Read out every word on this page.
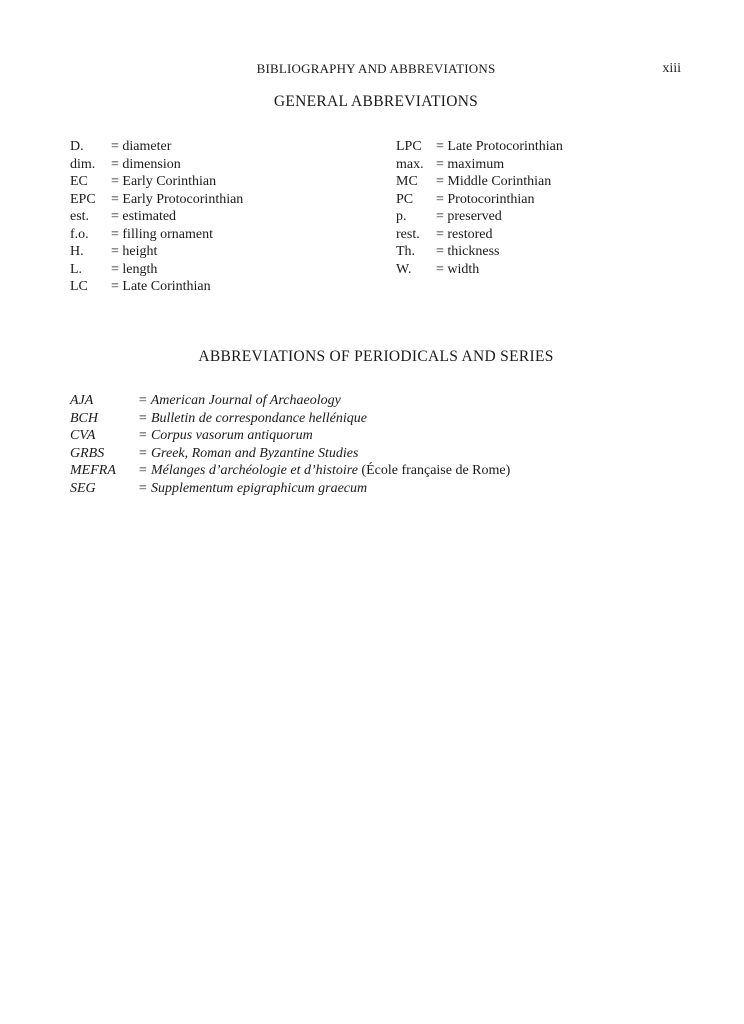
BIBLIOGRAPHY AND ABBREVIATIONS	xiii
GENERAL ABBREVIATIONS
D. = diameter
dim. = dimension
EC = Early Corinthian
EPC = Early Protocorinthian
est. = estimated
f.o. = filling ornament
H. = height
L. = length
LC = Late Corinthian
LPC = Late Protocorinthian
max. = maximum
MC = Middle Corinthian
PC = Protocorinthian
p. = preserved
rest. = restored
Th. = thickness
W. = width
ABBREVIATIONS OF PERIODICALS AND SERIES
AJA	= American Journal of Archaeology
BCH	= Bulletin de correspondance hellénique
CVA	= Corpus vasorum antiquorum
GRBS = Greek, Roman and Byzantine Studies
MEFRA = Mélanges d’archéologie et d’histoire (École française de Rome)
SEG	= Supplementum epigraphicum graecum
